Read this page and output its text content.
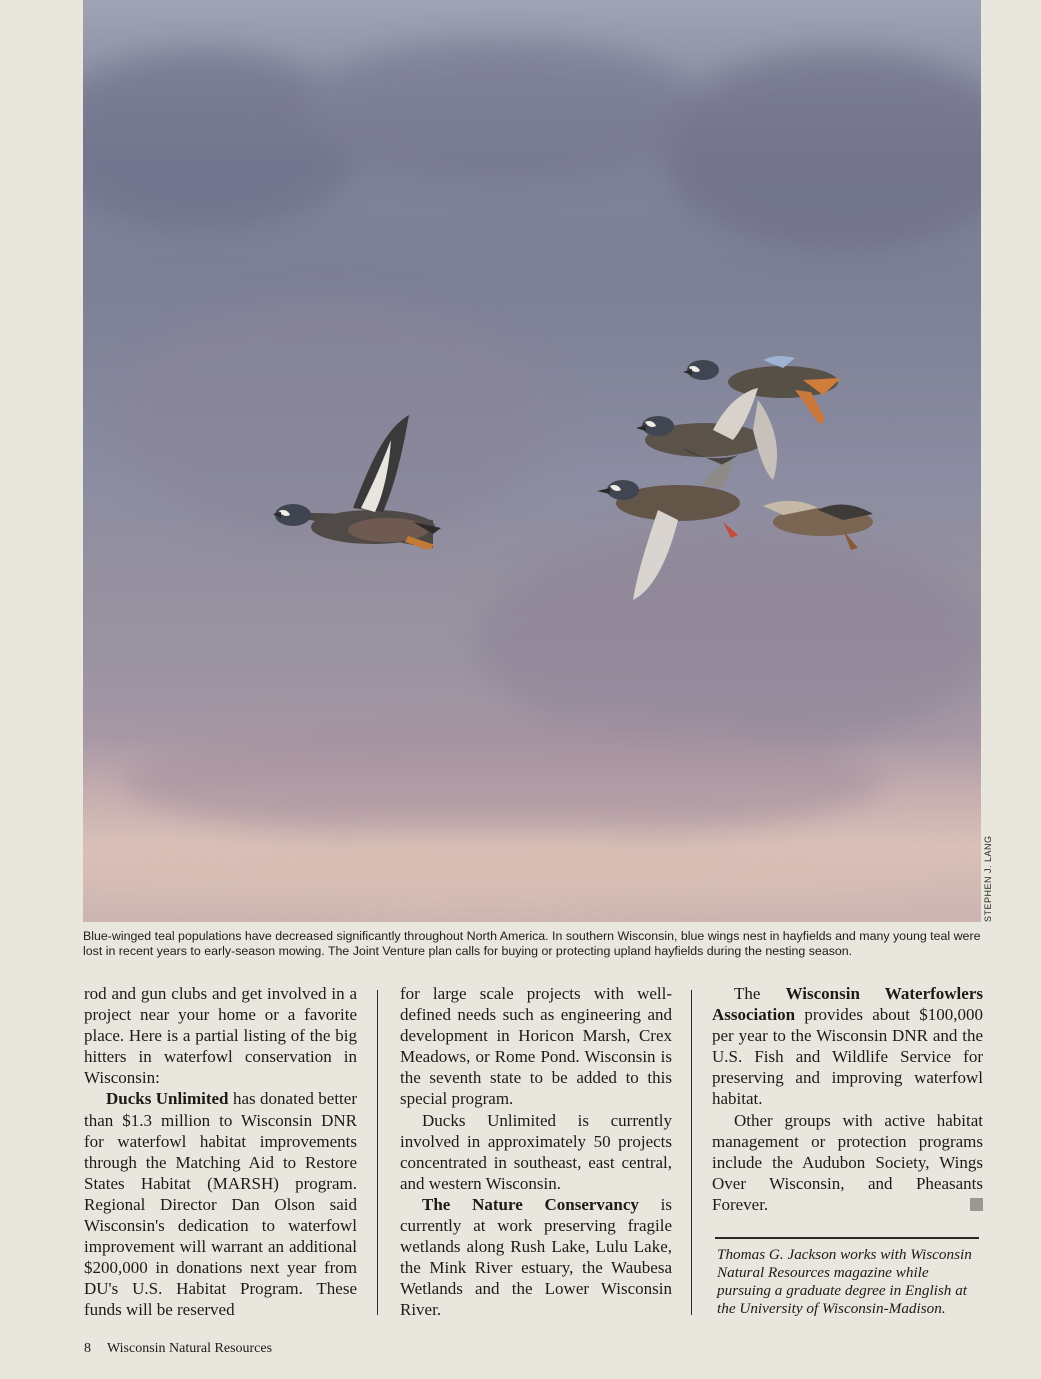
STEPHEN J. LANG
Blue-winged teal populations have decreased significantly throughout North America. In southern Wisconsin, blue wings nest in hayfields and many young teal were lost in recent years to early-season mowing. The Joint Venture plan calls for buying or protecting upland hayfields during the nesting season.

rod and gun clubs and get involved in a project near your home or a favorite place. Here is a partial listing of the big hitters in waterfowl conservation in Wisconsin:

Ducks Unlimited has donated better than $1.3 million to Wisconsin DNR for waterfowl habitat improvements through the Matching Aid to Restore States Habitat (MARSH) program. Regional Director Dan Olson said Wisconsin's dedication to waterfowl improvement will warrant an additional $200,000 in donations next year from DU's U.S. Habitat Program. These funds will be reserved

for large scale projects with well-defined needs such as engineering and development in Horicon Marsh, Crex Meadows, or Rome Pond. Wisconsin is the seventh state to be added to this special program.

Ducks Unlimited is currently involved in approximately 50 projects concentrated in southeast, east central, and western Wisconsin.

The Nature Conservancy is currently at work preserving fragile wetlands along Rush Lake, Lulu Lake, the Mink River estuary, the Waubesa Wetlands and the Lower Wisconsin River.

The Wisconsin Waterfowlers Association provides about $100,000 per year to the Wisconsin DNR and the U.S. Fish and Wildlife Service for preserving and improving waterfowl habitat.

Other groups with active habitat management or protection programs include the Audubon Society, Wings Over Wisconsin, and Pheasants Forever.

Thomas G. Jackson works with Wisconsin Natural Resources magazine while pursuing a graduate degree in English at the University of Wisconsin-Madison.
8 Wisconsin Natural Resources
